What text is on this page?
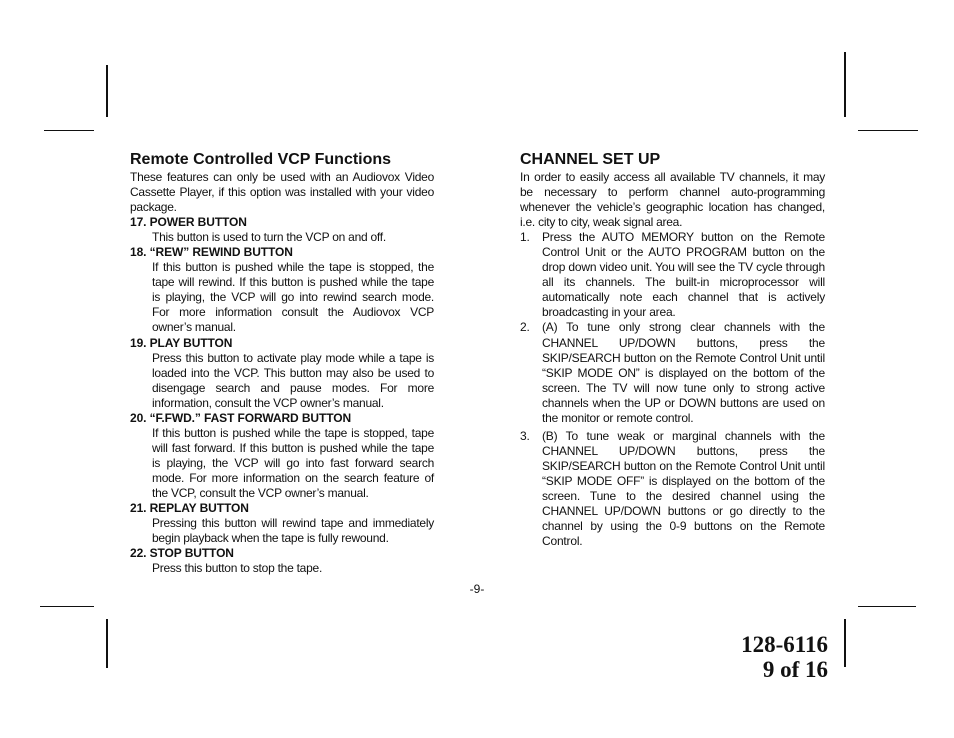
Remote Controlled VCP Functions

These features can only be used with an Audiovox Video Cassette Player, if this option was installed with your video package.

17. POWER BUTTON
This button is used to turn the VCP on and off.
18. “REW” REWIND BUTTON
If this button is pushed while the tape is stopped, the tape will rewind. If this button is pushed while the tape is playing, the VCP will go into rewind search mode. For more information consult the Audiovox VCP owner’s manual.
19. PLAY BUTTON
Press this button to activate play mode while a tape is loaded into the VCP. This button may also be used to disengage search and pause modes. For more information, consult the VCP owner’s manual.
20. “F.FWD.” FAST FORWARD BUTTON
If this button is pushed while the tape is stopped, tape will fast forward. If this button is pushed while the tape is playing, the VCP will go into fast forward search mode. For more information on the search feature of the VCP, consult the VCP owner’s manual.
21. REPLAY BUTTON
Pressing this button will rewind tape and immediately begin playback when the tape is fully rewound.
22. STOP BUTTON
Press this button to stop the tape.
CHANNEL SET UP

In order to easily access all available TV channels, it may be necessary to perform channel auto-programming whenever the vehicle’s geographic location has changed, i.e. city to city, weak signal area.

1. Press the AUTO MEMORY button on the Remote Control Unit or the AUTO PROGRAM button on the drop down video unit. You will see the TV cycle through all its channels. The built-in microprocessor will automatically note each channel that is actively broadcasting in your area.
2. (A) To tune only strong clear channels with the CHANNEL UP/DOWN buttons, press the SKIP/SEARCH button on the Remote Control Unit until “SKIP MODE ON” is displayed on the bottom of the screen. The TV will now tune only to strong active channels when the UP or DOWN buttons are used on the monitor or remote control.
3. (B) To tune weak or marginal channels with the CHANNEL UP/DOWN buttons, press the SKIP/SEARCH button on the Remote Control Unit until “SKIP MODE OFF” is displayed on the bottom of the screen. Tune to the desired channel using the CHANNEL UP/DOWN buttons or go directly to the channel by using the 0-9 buttons on the Remote Control.
-9-
128-6116
9 of 16
